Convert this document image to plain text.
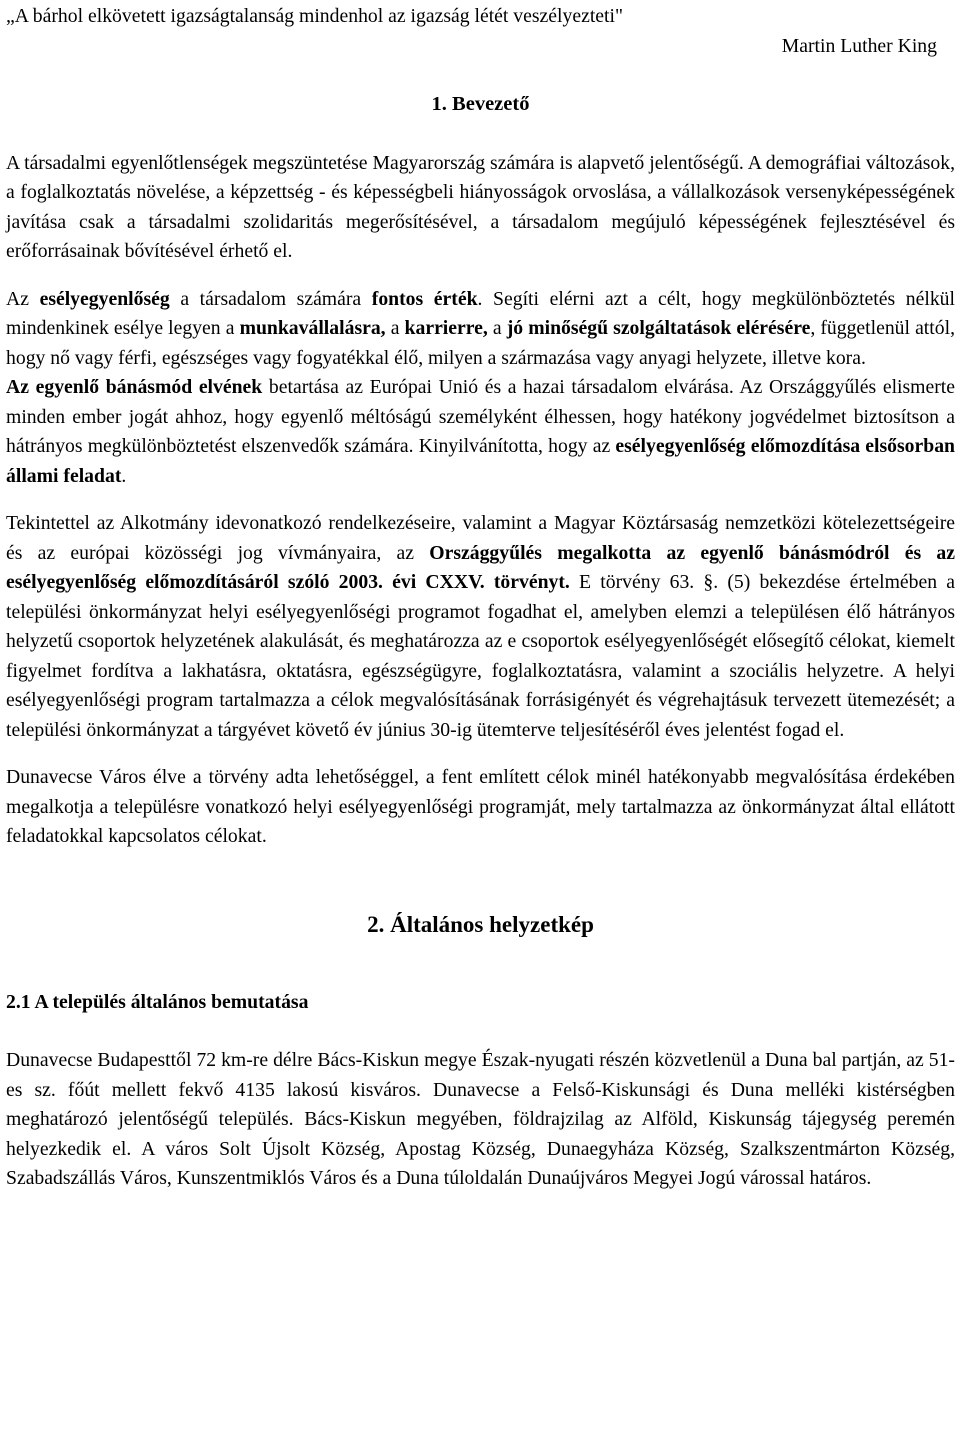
„A bárhol elkövetett igazságtalanság mindenhol az igazság létét veszélyezteti"

Martin Luther King

1. Bevezető

A társadalmi egyenlőtlenségek megszüntetése Magyarország számára is alapvető jelentőségű. A demográfiai változások, a foglalkoztatás növelése, a képzettség - és képességbeli hiányosságok orvoslása, a vállalkozások versenyképességének javítása csak a társadalmi szolidaritás megerősítésével, a társadalom megújuló képességének fejlesztésével és erőforrásainak bővítésével érhető el.

Az esélyegyenlőség a társadalom számára fontos érték. Segíti elérni azt a célt, hogy megkülönböztetés nélkül mindenkinek esélye legyen a munkavállalásra, a karrierre, a jó minőségű szolgáltatások elérésére, függetlenül attól, hogy nő vagy férfi, egészséges vagy fogyatékkal élő, milyen a származása vagy anyagi helyzete, illetve kora.

Az egyenlő bánásmód elvének betartása az Európai Unió és a hazai társadalom elvárása. Az Országgyűlés elismerte minden ember jogát ahhoz, hogy egyenlő méltóságú személyként élhessen, hogy hatékony jogvédelmet biztosítson a hátrányos megkülönböztetést elszenvedők számára. Kinyilvánította, hogy az esélyegyenlőség előmozdítása elsősorban állami feladat.

Tekintettel az Alkotmány idevonatkozó rendelkezéseire, valamint a Magyar Köztársaság nemzetközi kötelezettségeire és az európai közösségi jog vívmányaira, az Országgyűlés megalkotta az egyenlő bánásmódról és az esélyegyenlőség előmozdításáról szóló 2003. évi CXXV. törvényt. E törvény 63. §. (5) bekezdése értelmében a települési önkormányzat helyi esélyegyenlőségi programot fogadhat el, amelyben elemzi a településen élő hátrányos helyzetű csoportok helyzetének alakulását, és meghatározza az e csoportok esélyegyenlőségét elősegítő célokat, kiemelt figyelmet fordítva a lakhatásra, oktatásra, egészségügyre, foglalkoztatásra, valamint a szociális helyzetre. A helyi esélyegyenlőségi program tartalmazza a célok megvalósításának forrásigényét és végrehajtásuk tervezett ütemezését; a települési önkormányzat a tárgyévet követő év június 30-ig ütemterve teljesítéséről éves jelentést fogad el.

Dunavecse Város élve a törvény adta lehetőséggel, a fent említett célok minél hatékonyabb megvalósítása érdekében megalkotja a településre vonatkozó helyi esélyegyenlőségi programját, mely tartalmazza az önkormányzat által ellátott feladatokkal kapcsolatos célokat.

2. Általános helyzetkép

2.1 A település általános bemutatása

Dunavecse Budapesttől 72 km-re délre Bács-Kiskun megye Észak-nyugati részén közvetlenül a Duna bal partján, az 51-es sz. főút mellett fekvő 4135 lakosú kisváros. Dunavecse a Felső-Kiskunsági és Duna melléki kistérségben meghatározó jelentőségű település. Bács-Kiskun megyében, földrajzilag az Alföld, Kiskunság tájegység peremén helyezkedik el. A város Solt Újsolt Község, Apostag Község, Dunaegyháza Község, Szalkszentmárton Község, Szabadszállás Város, Kunszentmiklós Város és a Duna túloldalán Dunaújváros Megyei Jogú várossal határos.
